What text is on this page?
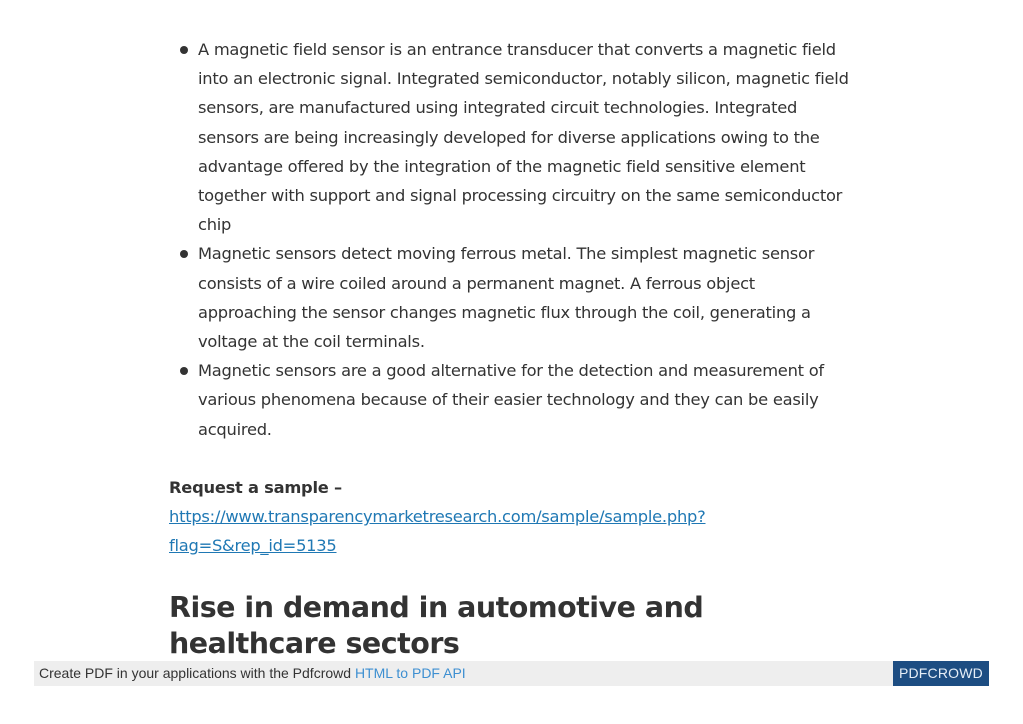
A magnetic field sensor is an entrance transducer that converts a magnetic field into an electronic signal. Integrated semiconductor, notably silicon, magnetic field sensors, are manufactured using integrated circuit technologies. Integrated sensors are being increasingly developed for diverse applications owing to the advantage offered by the integration of the magnetic field sensitive element together with support and signal processing circuitry on the same semiconductor chip
Magnetic sensors detect moving ferrous metal. The simplest magnetic sensor consists of a wire coiled around a permanent magnet. A ferrous object approaching the sensor changes magnetic flux through the coil, generating a voltage at the coil terminals.
Magnetic sensors are a good alternative for the detection and measurement of various phenomena because of their easier technology and they can be easily acquired.
Request a sample –https://www.transparencymarketresearch.com/sample/sample.php?flag=S&rep_id=5135
Rise in demand in automotive and healthcare sectors
Create PDF in your applications with the Pdfcrowd HTML to PDF API	PDFCROWD
